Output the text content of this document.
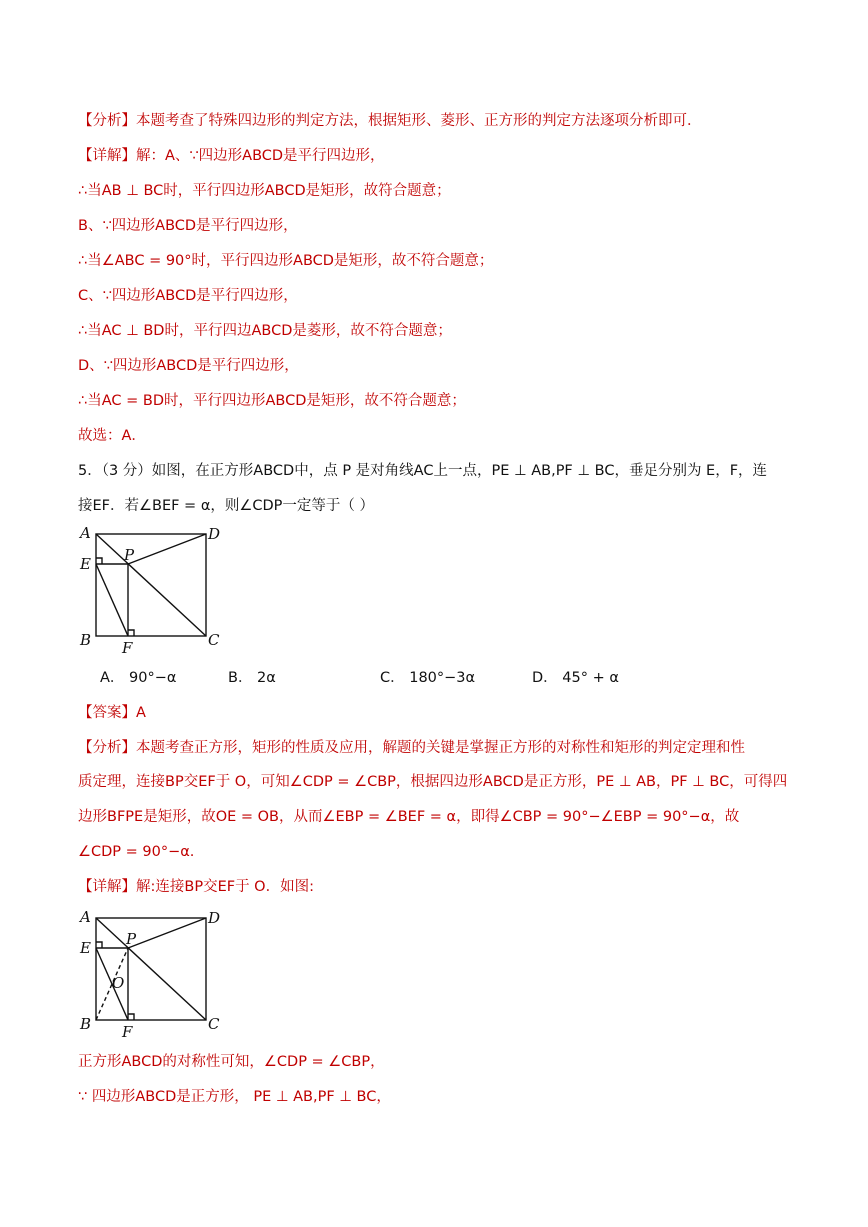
【分析】本题考查了特殊四边形的判定方法，根据矩形、菱形、正方形的判定方法逐项分析即可．
【详解】解：A、∵四边形ABCD是平行四边形，
∴当AB ⊥ BC时，平行四边形ABCD是矩形，故符合题意；
B、∵四边形ABCD是平行四边形，
∴当∠ABC = 90°时，平行四边形ABCD是矩形，故不符合题意；
C、∵四边形ABCD是平行四边形，
∴当AC ⊥ BD时，平行四边ABCD是菱形，故不符合题意；
D、∵四边形ABCD是平行四边形，
∴当AC = BD时，平行四边形ABCD是矩形，故不符合题意；
故选：A．
5．（3 分）如图，在正方形ABCD中，点 P 是对角线AC上一点，PE ⊥ AB,PF ⊥ BC，垂足分别为 E，F，连
接EF．若∠BEF = α，则∠CDP一定等于（ ）
A	D
E P
B F	C
A． 90°−α	B． 2α	C． 180°−3α	D． 45° + α
【答案】A
【分析】本题考查正方形，矩形的性质及应用，解题的关键是掌握正方形的对称性和矩形的判定定理和性
质定理，连接BP交EF于 O，可知∠CDP = ∠CBP，根据四边形ABCD是正方形，PE ⊥ AB，PF ⊥ BC，可得四
边形BFPE是矩形，故OE = OB，从而∠EBP = ∠BEF = α，即得∠CBP = 90°−∠EBP = 90°−α，故
∠CDP = 90°−α.
【详解】解:连接BP交EF于 O．如图:
A	D
E P
O
B F	C
正方形ABCD的对称性可知，∠CDP = ∠CBP，
∵ 四边形ABCD是正方形， PE ⊥ AB,PF ⊥ BC，
